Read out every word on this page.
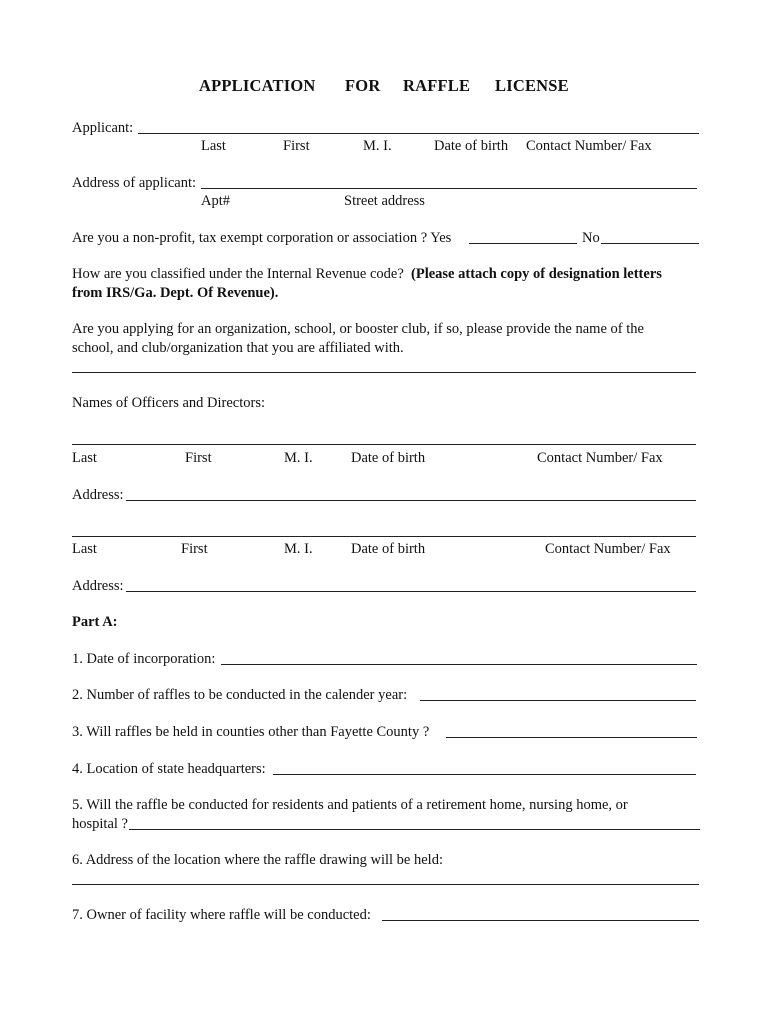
APPLICATION FOR RAFFLE LICENSE
Applicant:
Last	First	M. I.	Date of birth Contact Number/ Fax
Address of applicant:
Apt#	Street address
Are you a non-profit, tax exempt corporation or association ? Yes	No
How are you classified under the Internal Revenue code? (Please attach copy of designation letters
from IRS/Ga. Dept. Of Revenue).
Are you applying for an organization, school, or booster club, if so, please provide the name of the
school, and club/organization that you are affiliated with.
Names of Officers and Directors:
Last	First	M. I.	Date of birth	Contact Number/ Fax
Address:
Last	First	M. I.	Date of birth	Contact Number/ Fax
Address:
Part A:
1. Date of incorporation:
2. Number of raffles to be conducted in the calender year:
3. Will raffles be held in counties other than Fayette County ?
4. Location of state headquarters:
5. Will the raffle be conducted for residents and patients of a retirement home, nursing home, or
hospital ?
6. Address of the location where the raffle drawing will be held:
7. Owner of facility where raffle will be conducted:
